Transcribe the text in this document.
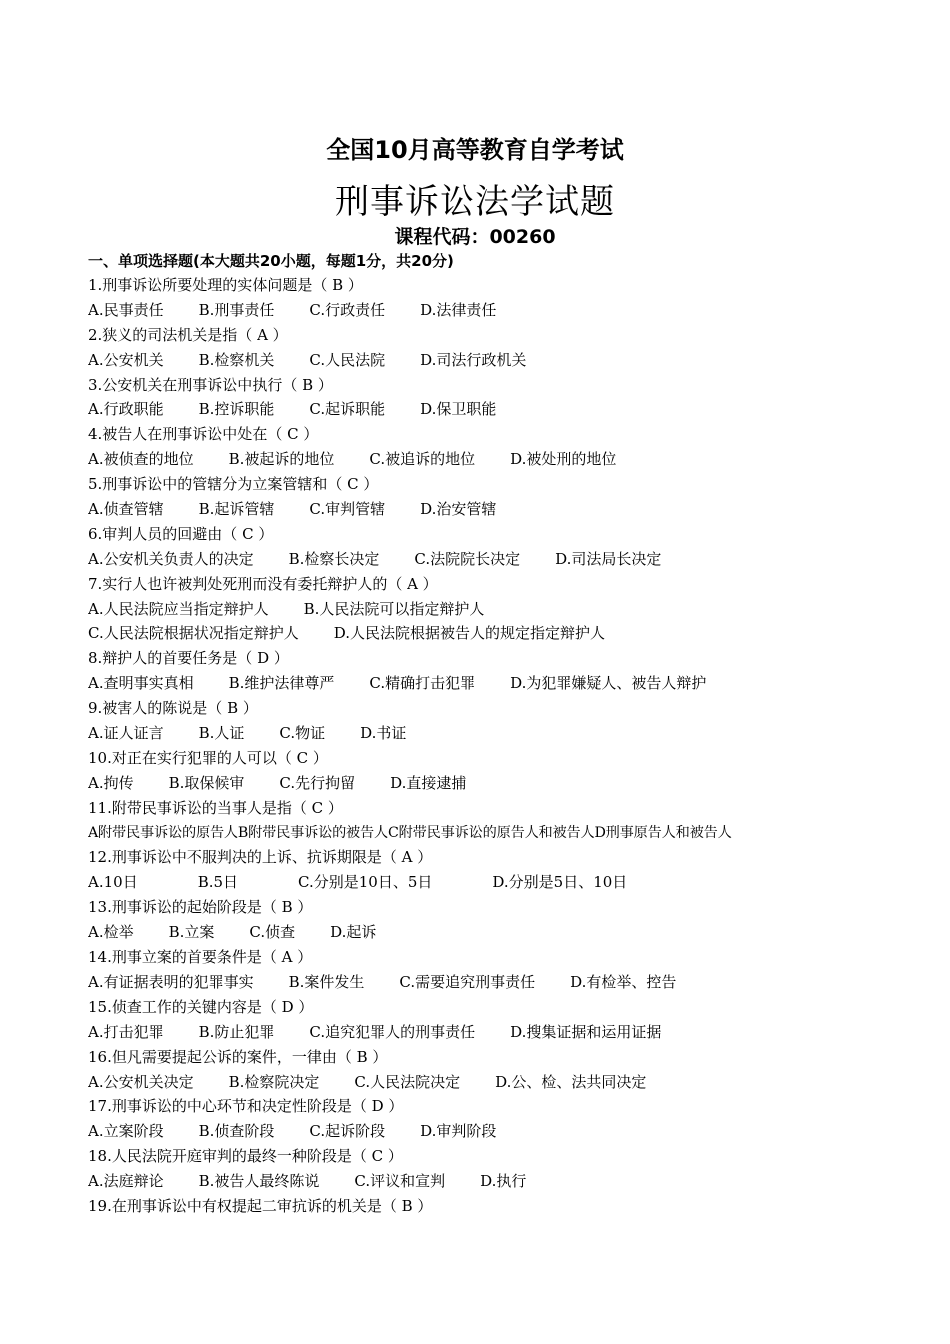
全国10月高等教育自学考试
刑事诉讼法学试题
课程代码：00260
一、单项选择题(本大题共20小题，每题1分，共20分)
1.刑事诉讼所要处理的实体问题是（ B ）
A.民事责任 B.刑事责任 C.行政责任 D.法律责任
2.狭义的司法机关是指（ A ）
A.公安机关 B.检察机关 C.人民法院 D.司法行政机关
3.公安机关在刑事诉讼中执行（ B ）
A.行政职能 B.控诉职能 C.起诉职能 D.保卫职能
4.被告人在刑事诉讼中处在（ C ）
A.被侦查的地位 B.被起诉的地位 C.被追诉的地位 D.被处刑的地位
5.刑事诉讼中的管辖分为立案管辖和（ C ）
A.侦查管辖 B.起诉管辖 C.审判管辖 D.治安管辖
6.审判人员的回避由（ C ）
A.公安机关负责人的决定 B.检察长决定 C.法院院长决定 D.司法局长决定
7.实行人也许被判处死刑而没有委托辩护人的（ A ）
A.人民法院应当指定辩护人 B.人民法院可以指定辩护人
C.人民法院根据状况指定辩护人 D.人民法院根据被告人的规定指定辩护人
8.辩护人的首要任务是（ D ）
A.查明事实真相 B.维护法律尊严 C.精确打击犯罪 D.为犯罪嫌疑人、被告人辩护
9.被害人的陈说是（ B ）
A.证人证言 B.人证 C.物证 D.书证
10.对正在实行犯罪的人可以（ C ）
A.拘传 B.取保候审 C.先行拘留 D.直接逮捕
11.附带民事诉讼的当事人是指（ C ）
A附带民事诉讼的原告人B附带民事诉讼的被告人C附带民事诉讼的原告人和被告人D刑事原告人和被告人
12.刑事诉讼中不服判决的上诉、抗诉期限是（ A ）
A.10日	B.5日	C.分别是10日、5日	D.分别是5日、10日
13.刑事诉讼的起始阶段是（ B ）
A.检举 B.立案 C.侦查 D.起诉
14.刑事立案的首要条件是（ A ）
A.有证据表明的犯罪事实 B.案件发生 C.需要追究刑事责任 D.有检举、控告
15.侦查工作的关键内容是（ D ）
A.打击犯罪 B.防止犯罪 C.追究犯罪人的刑事责任 D.搜集证据和运用证据
16.但凡需要提起公诉的案件，一律由（ B ）
A.公安机关决定 B.检察院决定 C.人民法院决定 D.公、检、法共同决定
17.刑事诉讼的中心环节和决定性阶段是（ D ）
A.立案阶段 B.侦查阶段 C.起诉阶段 D.审判阶段
18.人民法院开庭审判的最终一种阶段是（ C ）
A.法庭辩论 B.被告人最终陈说 C.评议和宣判 D.执行
19.在刑事诉讼中有权提起二审抗诉的机关是（ B ）
